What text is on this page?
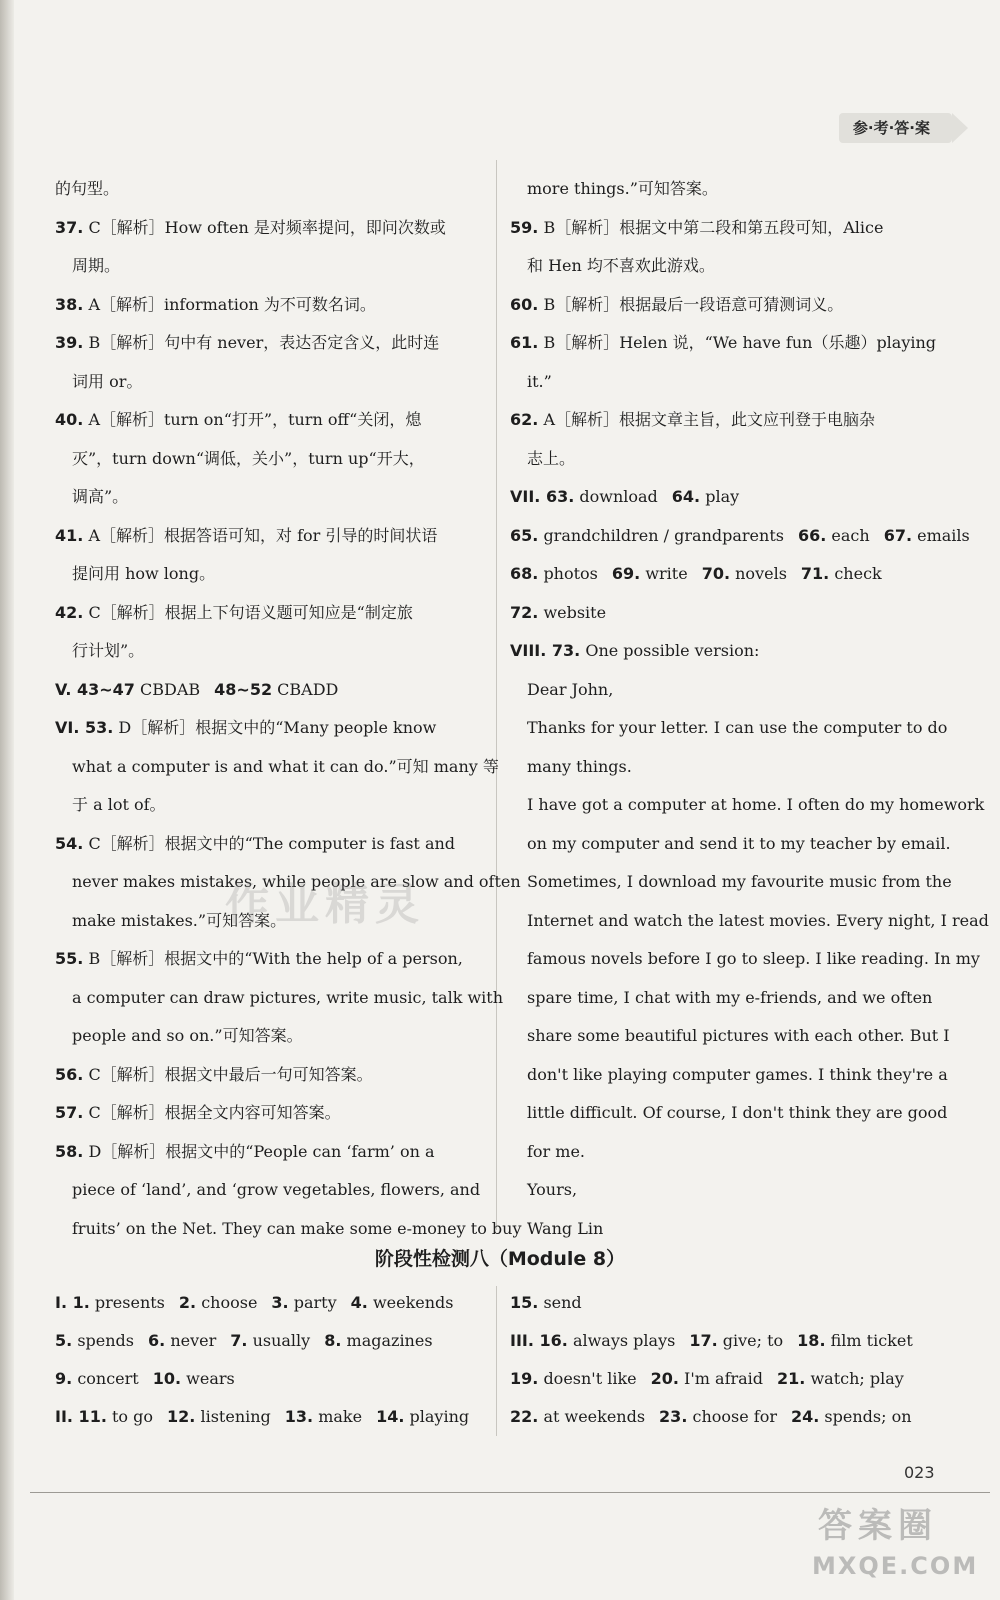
参·考·答·案
的句型。
37. C［解析］How often 是对频率提问，即问次数或
周期。
38. A［解析］information 为不可数名词。
39. B［解析］句中有 never，表达否定含义，此时连
词用 or。
40. A［解析］turn on“打开”，turn off“关闭，熄
灭”，turn down“调低，关小”，turn up“开大，
调高”。
41. A［解析］根据答语可知，对 for 引导的时间状语
提问用 how long。
42. C［解析］根据上下句语义题可知应是“制定旅
行计划”。
V. 43~47 CBDAB 48~52 CBADD
VI. 53. D［解析］根据文中的“Many people know
what a computer is and what it can do.”可知 many 等
于 a lot of。
54. C［解析］根据文中的“The computer is fast and
never makes mistakes, while people are slow and often
make mistakes.”可知答案。
55. B［解析］根据文中的“With the help of a person,
a computer can draw pictures, write music, talk with
people and so on.”可知答案。
56. C［解析］根据文中最后一句可知答案。
57. C［解析］根据全文内容可知答案。
58. D［解析］根据文中的“People can ‘farm’ on a
piece of ‘land’, and ‘grow vegetables, flowers, and
fruits’ on the Net. They can make some e-money to buy
more things.”可知答案。
59. B［解析］根据文中第二段和第五段可知，Alice
和 Hen 均不喜欢此游戏。
60. B［解析］根据最后一段语意可猜测词义。
61. B［解析］Helen 说，“We have fun（乐趣）playing
it.”
62. A［解析］根据文章主旨，此文应刊登于电脑杂
志上。
VII. 63. download 64. play
65. grandchildren / grandparents 66. each 67. emails
68. photos 69. write 70. novels 71. check
72. website
VIII. 73. One possible version:
Dear John,
Thanks for your letter. I can use the computer to do
many things.
I have got a computer at home. I often do my homework
on my computer and send it to my teacher by email.
Sometimes, I download my favourite music from the
Internet and watch the latest movies. Every night, I read
famous novels before I go to sleep. I like reading. In my
spare time, I chat with my e-friends, and we often
share some beautiful pictures with each other. But I
don't like playing computer games. I think they're a
little difficult. Of course, I don't think they are good
for me.
Yours,
Wang Lin
阶段性检测八（Module 8）
I. 1. presents 2. choose 3. party 4. weekends
5. spends 6. never 7. usually 8. magazines
9. concert 10. wears
II. 11. to go 12. listening 13. make 14. playing
15. send
III. 16. always plays 17. give; to 18. film ticket
19. doesn't like 20. I'm afraid 21. watch; play
22. at weekends 23. choose for 24. spends; on
023
作业精灵
答案圈
MXQE.COM
